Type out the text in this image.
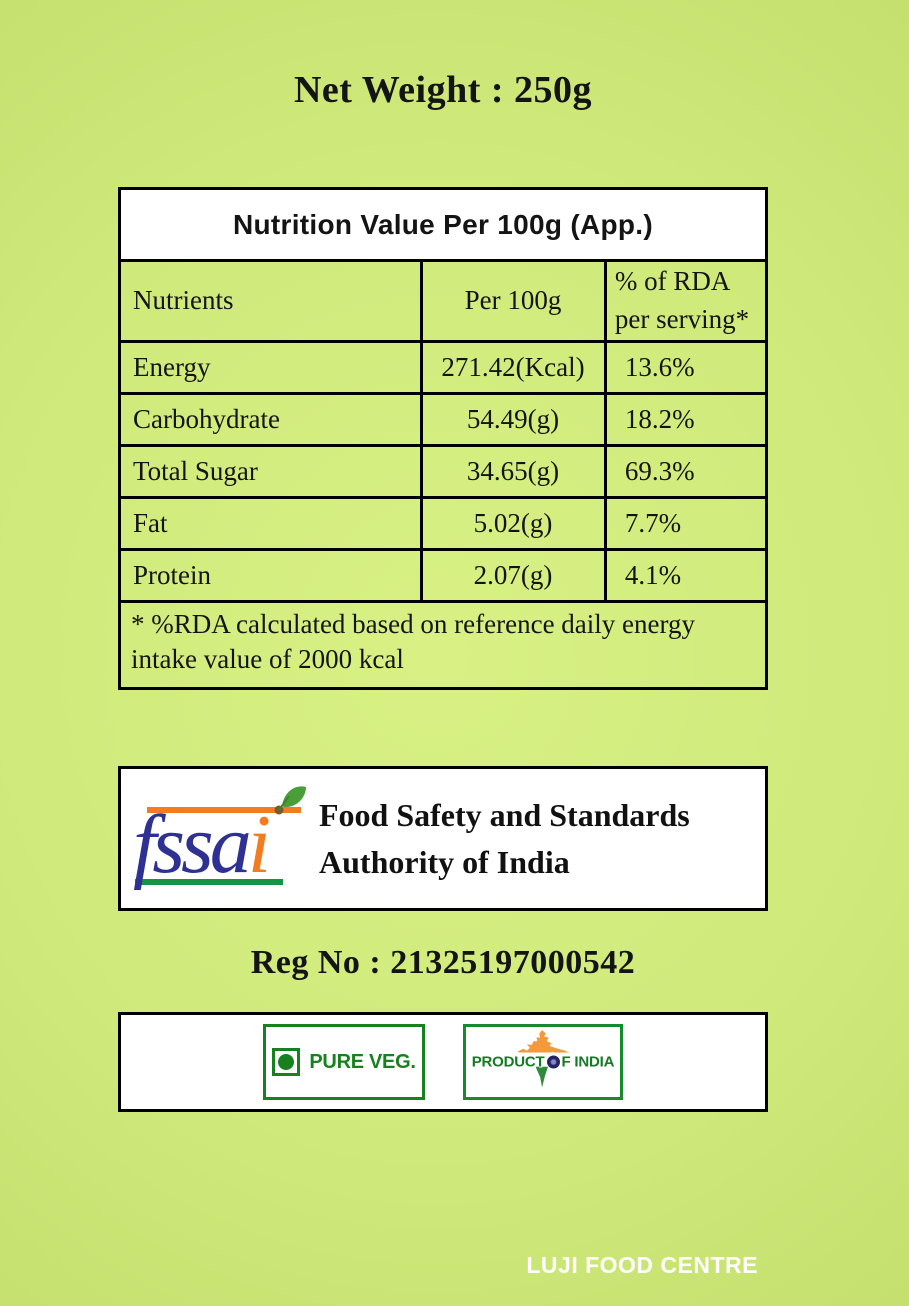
Net Weight : 250g
Nutrition Value Per 100g (App.)		
Nutrients	Per 100g	% of RDA per serving*
Energy	271.42(Kcal)	13.6%
Carbohydrate	54.49(g)	18.2%
Total Sugar	34.65(g)	69.3%
Fat	5.02(g)	7.7%
Protein	2.07(g)	4.1%
* %RDA calculated based on reference daily energy intake value of 2000 kcal		
fssai Food Safety and Standards
Authority of India
Reg No : 21325197000542
PURE VEG.	PRODUCT F INDIA
LUJI FOOD CENTRE
